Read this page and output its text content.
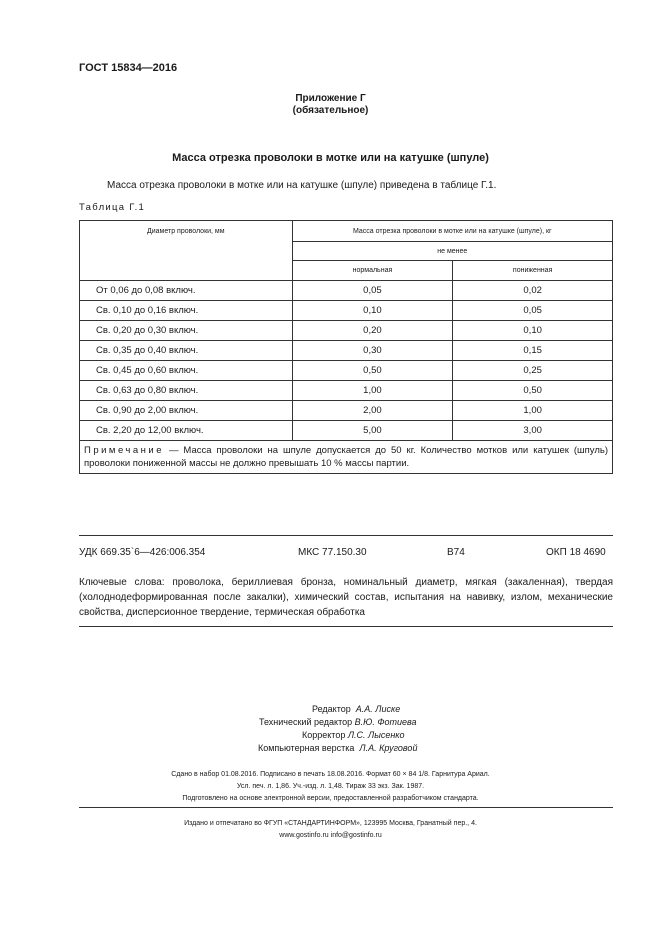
ГОСТ 15834—2016
Приложение Г
(обязательное)
Масса отрезка проволоки в мотке или на катушке (шпуле)
Масса отрезка проволоки в мотке или на катушке (шпуле) приведена в таблице Г.1.
Таблица Г.1
Диаметр проволоки, мм	Масса отрезка проволоки в мотке или на катушке (шпуле), кг	
	не менее	
	нормальная	пониженная
От 0,06 до 0,08 включ.	0,05	0,02
Св. 0,10 до 0,16 включ.	0,10	0,05
Св. 0,20 до 0,30 включ.	0,20	0,10
Св. 0,35 до 0,40 включ.	0,30	0,15
Св. 0,45 до 0,60 включ.	0,50	0,25
Св. 0,63 до 0,80 включ.	1,00	0,50
Св. 0,90 до 2,00 включ.	2,00	1,00
Св. 2,20 до 12,00 включ.	5,00	3,00
Примечание — Масса проволоки на шпуле допускается до 50 кг. Количество мотков или катушек (шпуль) проволоки пониженной массы не должно превышать 10 % массы партии.		
УДК 669.35`6—426:006.354	МКС 77.150.30	В74	ОКП 18 4690
Ключевые слова: проволока, бериллиевая бронза, номинальный диаметр, мягкая (закаленная), твердая (холоднодеформированная после закалки), химический состав, испытания на навивку, излом, механические свойства, дисперсионное твердение, термическая обработка
Редактор А.А. Лиске
Технический редактор В.Ю. Фотиева
Корректор Л.С. Лысенко
Компьютерная верстка Л.А. Круговой
Сдано в набор 01.08.2016. Подписано в печать 18.08.2016. Формат 60 × 84 1/8. Гарнитура Ариал.
Усл. печ. л. 1,86. Уч.-изд. л. 1,48. Тираж 33 экз. Зак. 1987.
Подготовлено на основе электронной версии, предоставленной разработчиком стандарта.
Издано и отпечатано во ФГУП «СТАНДАРТИНФОРМ», 123995 Москва, Гранатный пер., 4.
www.gostinfo.ru info@gostinfo.ru
